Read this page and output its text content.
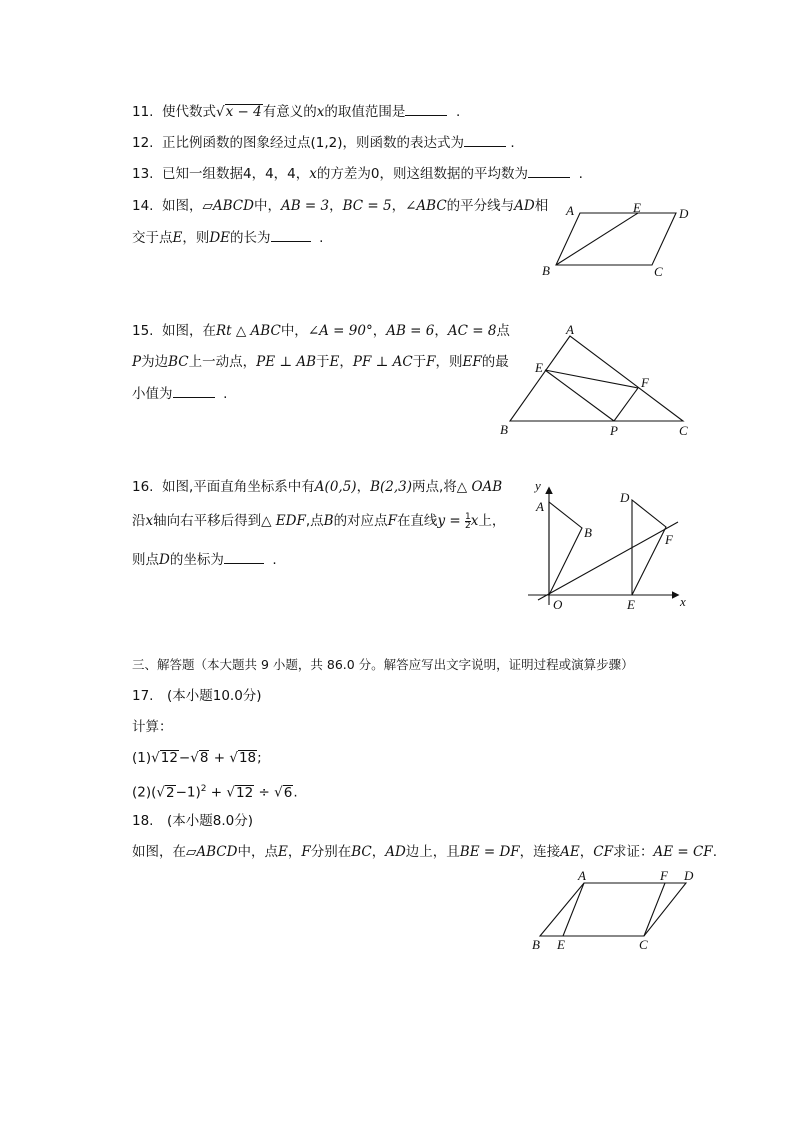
11. 使代数式√x − 4有意义的x的取值范围是	.
12. 正比例函数的图象经过点(1,2)，则函数的表达式为	.
13. 已知一组数据4，4，4，x的方差为0，则这组数据的平均数为	.
14. 如图，▱ABCD中，AB = 3，BC = 5，∠ABC的平分线与AD相
交于点E，则DE的长为	.
A	E	D
B	C
15. 如图，在Rt △ ABC中，∠A = 90°，AB = 6，AC = 8点
P为边BC上一动点，PE ⊥ AB于E，PF ⊥ AC于F，则EF的最
小值为	.
A
E
F
B	P	C
16. 如图,平面直角坐标系中有A(0,5)，B(2,3)两点,将△ OAB
沿x轴向右平移后得到△ EDF,点B的对应点F在直线$y = \frac{1}{2}$ x上，
则点D的坐标为	.
y
A
B
D
F
O	E	x
三、解答题（本大题共 9 小题，共 86.0 分。解答应写出文字说明，证明过程或演算步骤）
17.　(本小题10.0分)
计算：
(1)√12−√8 + √18;
$(2)(√2-1)^2 + √12 \div √6$.
18.　(本小题8.0分)
如图，在▱ABCD中，点E，F分别在BC，AD边上，且BE = DF，连接AE，CF求证：AE = CF.
A	F D
B E	C
